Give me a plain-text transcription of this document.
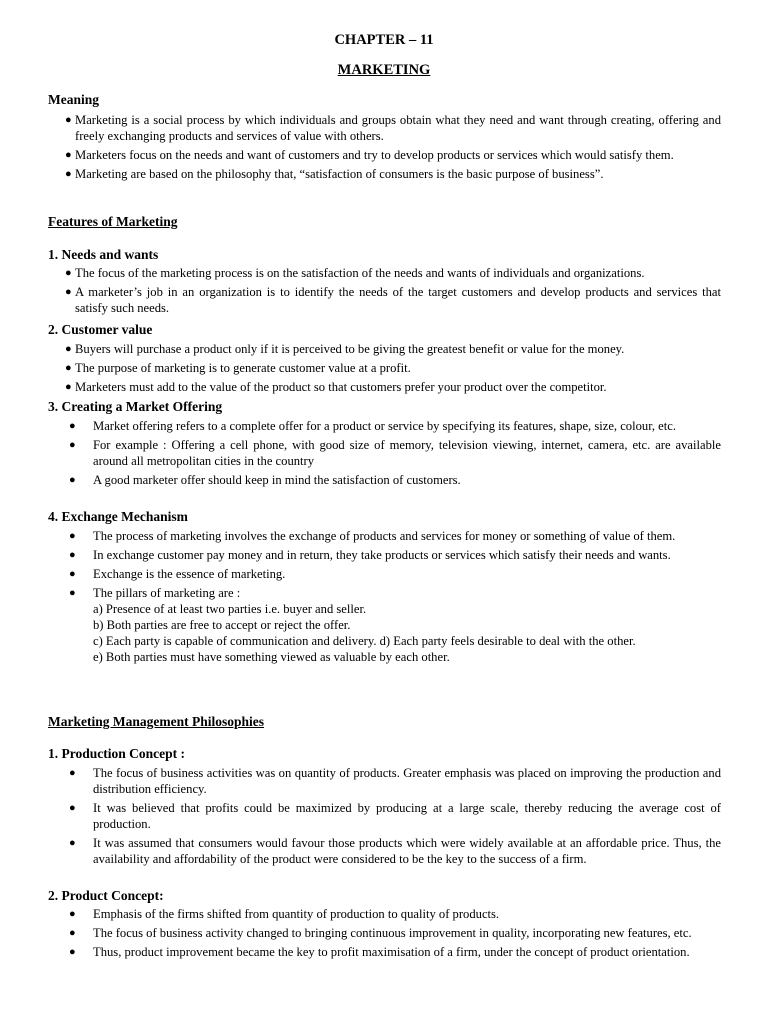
CHAPTER – 11
MARKETING
Meaning
● Marketing is a social process by which individuals and groups obtain what they need and want through creating, offering and freely exchanging products and services of value with others.
● Marketers focus on the needs and want of customers and try to develop products or services which would satisfy them.
● Marketing are based on the philosophy that, “satisfaction of consumers is the basic purpose of business”.
Features of Marketing
1. Needs and wants
● The focus of the marketing process is on the satisfaction of the needs and wants of individuals and organizations.
● A marketer’s job in an organization is to identify the needs of the target customers and develop products and services that satisfy such needs.
2. Customer value
● Buyers will purchase a product only if it is perceived to be giving the greatest benefit or value for the money.
● The purpose of marketing is to generate customer value at a profit.
● Marketers must add to the value of the product so that customers prefer your product over the competitor.
3. Creating a Market Offering
● Market offering refers to a complete offer for a product or service by specifying its features, shape, size, colour, etc.
● For example : Offering a cell phone, with good size of memory, television viewing, internet, camera, etc. are available around all metropolitan cities in the country
● A good marketer offer should keep in mind the satisfaction of customers.
4. Exchange Mechanism
● The process of marketing involves the exchange of products and services for money or something of value of them.
● In exchange customer pay money and in return, they take products or services which satisfy their needs and wants.
● Exchange is the essence of marketing.
● The pillars of marketing are :
a) Presence of at least two parties i.e. buyer and seller.
b) Both parties are free to accept or reject the offer.
c) Each party is capable of communication and delivery. d) Each party feels desirable to deal with the other.
e) Both parties must have something viewed as valuable by each other.
Marketing Management Philosophies
1. Production Concept :
● The focus of business activities was on quantity of products. Greater emphasis was placed on improving the production and distribution efficiency.
● It was believed that profits could be maximized by producing at a large scale, thereby reducing the average cost of production.
● It was assumed that consumers would favour those products which were widely available at an affordable price. Thus, the availability and affordability of the product were considered to be the key to the success of a firm.
2. Product Concept:
● Emphasis of the firms shifted from quantity of production to quality of products.
● The focus of business activity changed to bringing continuous improvement in quality, incorporating new features, etc.
● Thus, product improvement became the key to profit maximisation of a firm, under the concept of product orientation.
